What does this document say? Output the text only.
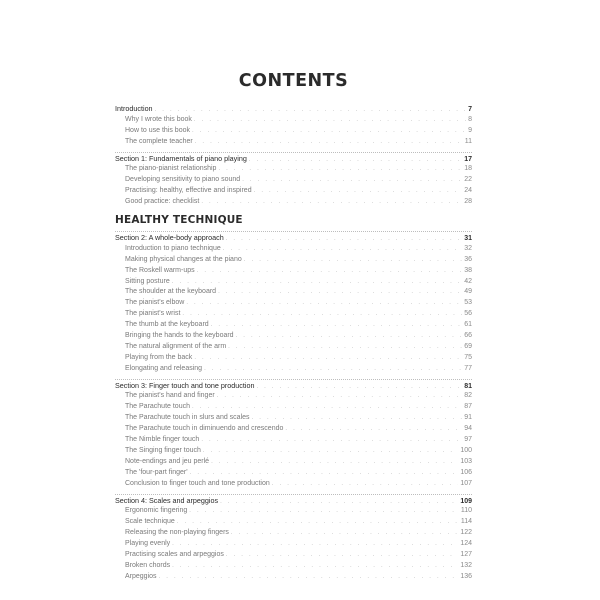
CONTENTS
Introduction . . .	7
Why I wrote this book . . .	8
How to use this book . . .	9
The complete teacher . . .	11
Section 1: Fundamentals of piano playing . . .	17
The piano-pianist relationship . . .	18
Developing sensitivity to piano sound . . .	22
Practising: healthy, effective and inspired . . .	24
Good practice: checklist . . .	28
HEALTHY TECHNIQUE
Section 2: A whole-body approach . . .	31
Introduction to piano technique . . .	32
Making physical changes at the piano . . .	36
The Roskell warm-ups . . .	38
Sitting posture . . .	42
The shoulder at the keyboard . . .	49
The pianist's elbow . . .	53
The pianist's wrist . . .	56
The thumb at the keyboard . . .	61
Bringing the hands to the keyboard . . .	66
The natural alignment of the arm . . .	69
Playing from the back . . .	75
Elongating and releasing . . .	77
Section 3: Finger touch and tone production . . .	81
The pianist's hand and finger . . .	82
The Parachute touch . . .	87
The Parachute touch in slurs and scales . . .	91
The Parachute touch in diminuendo and crescendo . . .	94
The Nimble finger touch . . .	97
The Singing finger touch . . .	100
Note-endings and jeu perlé . . .	103
The 'four-part finger' . . .	106
Conclusion to finger touch and tone production . . .	107
Section 4: Scales and arpeggios . . .	109
Ergonomic fingering . . .	110
Scale technique . . .	114
Releasing the non-playing fingers . . .	122
Playing evenly . . .	124
Practising scales and arpeggios . . .	127
Broken chords . . .	132
Arpeggios . . .	136
